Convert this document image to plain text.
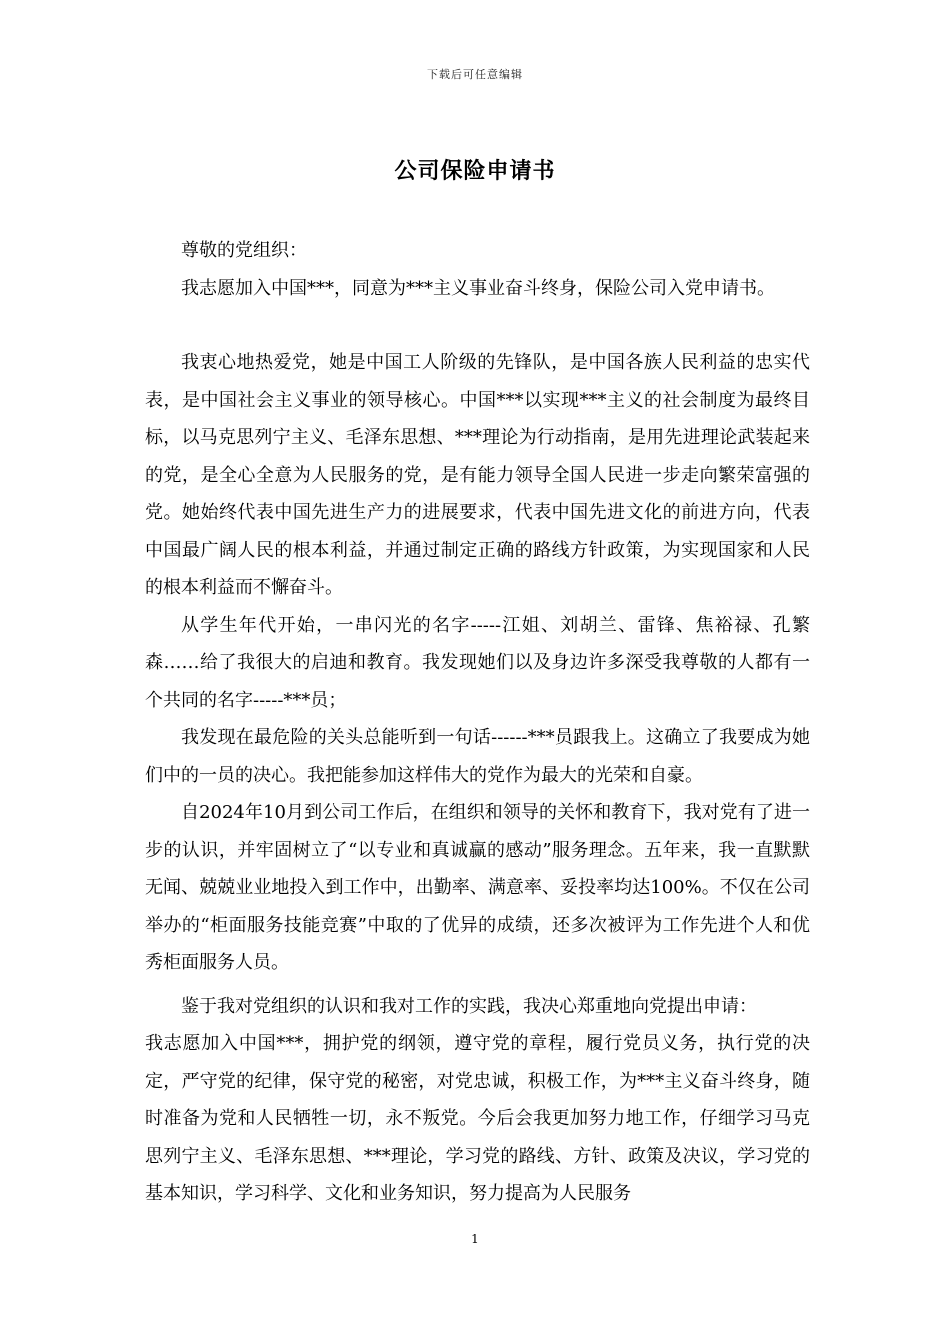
下载后可任意编辑
公司保险申请书

尊敬的党组织：

我志愿加入中国***，同意为***主义事业奋斗终身，保险公司入党申请书。

我衷心地热爱党，她是中国工人阶级的先锋队，是中国各族人民利益的忠实代表，是中国社会主义事业的领导核心。中国***以实现***主义的社会制度为最终目标，以马克思列宁主义、毛泽东思想、***理论为行动指南，是用先进理论武装起来的党，是全心全意为人民服务的党，是有能力领导全国人民进一步走向繁荣富强的党。她始终代表中国先进生产力的进展要求，代表中国先进文化的前进方向，代表中国最广阔人民的根本利益，并通过制定正确的路线方针政策，为实现国家和人民的根本利益而不懈奋斗。

从学生年代开始，一串闪光的名字-----江姐、刘胡兰、雷锋、焦裕禄、孔繁森……给了我很大的启迪和教育。我发现她们以及身边许多深受我尊敬的人都有一个共同的名字-----***员；

我发现在最危险的关头总能听到一句话------***员跟我上。这确立了我要成为她们中的一员的决心。我把能参加这样伟大的党作为最大的光荣和自豪。

自2024年10月到公司工作后，在组织和领导的关怀和教育下，我对党有了进一步的认识，并牢固树立了“以专业和真诚赢的感动”服务理念。五年来，我一直默默无闻、兢兢业业地投入到工作中，出勤率、满意率、妥投率均达100%。不仅在公司举办的“柜面服务技能竞赛”中取的了优异的成绩，还多次被评为工作先进个人和优秀柜面服务人员。

鉴于我对党组织的认识和我对工作的实践，我决心郑重地向党提出申请：

我志愿加入中国***，拥护党的纲领，遵守党的章程，履行党员义务，执行党的决定，严守党的纪律，保守党的秘密，对党忠诚，积极工作，为***主义奋斗终身，随时准备为党和人民牺牲一切，永不叛党。今后会我更加努力地工作，仔细学习马克思列宁主义、毛泽东思想、***理论，学习党的路线、方针、政策及决议，学习党的基本知识，学习科学、文化和业务知识，努力提高为人民服务

1
